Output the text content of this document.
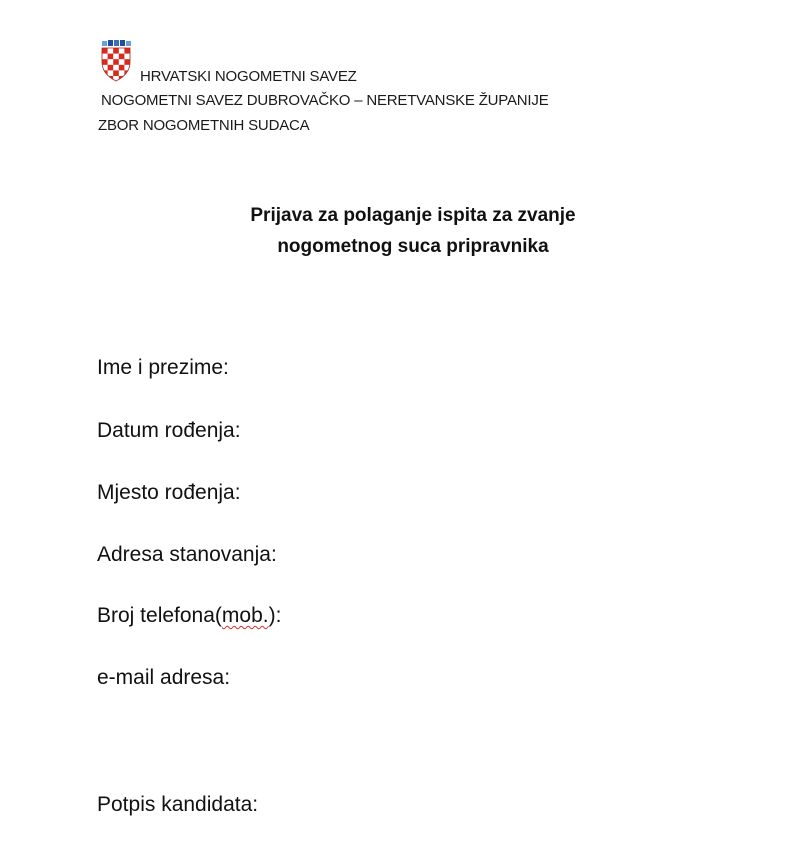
HRVATSKI NOGOMETNI SAVEZ
NOGOMETNI SAVEZ DUBROVAČKO – NERETVANSKE ŽUPANIJE
ZBOR NOGOMETNIH SUDACA
Prijava za polaganje ispita za zvanje
nogometnog suca pripravnika
Ime i prezime:
Datum rođenja:
Mjesto rođenja:
Adresa stanovanja:
Broj telefona(mob.):
e-mail adresa:
Potpis kandidata:
